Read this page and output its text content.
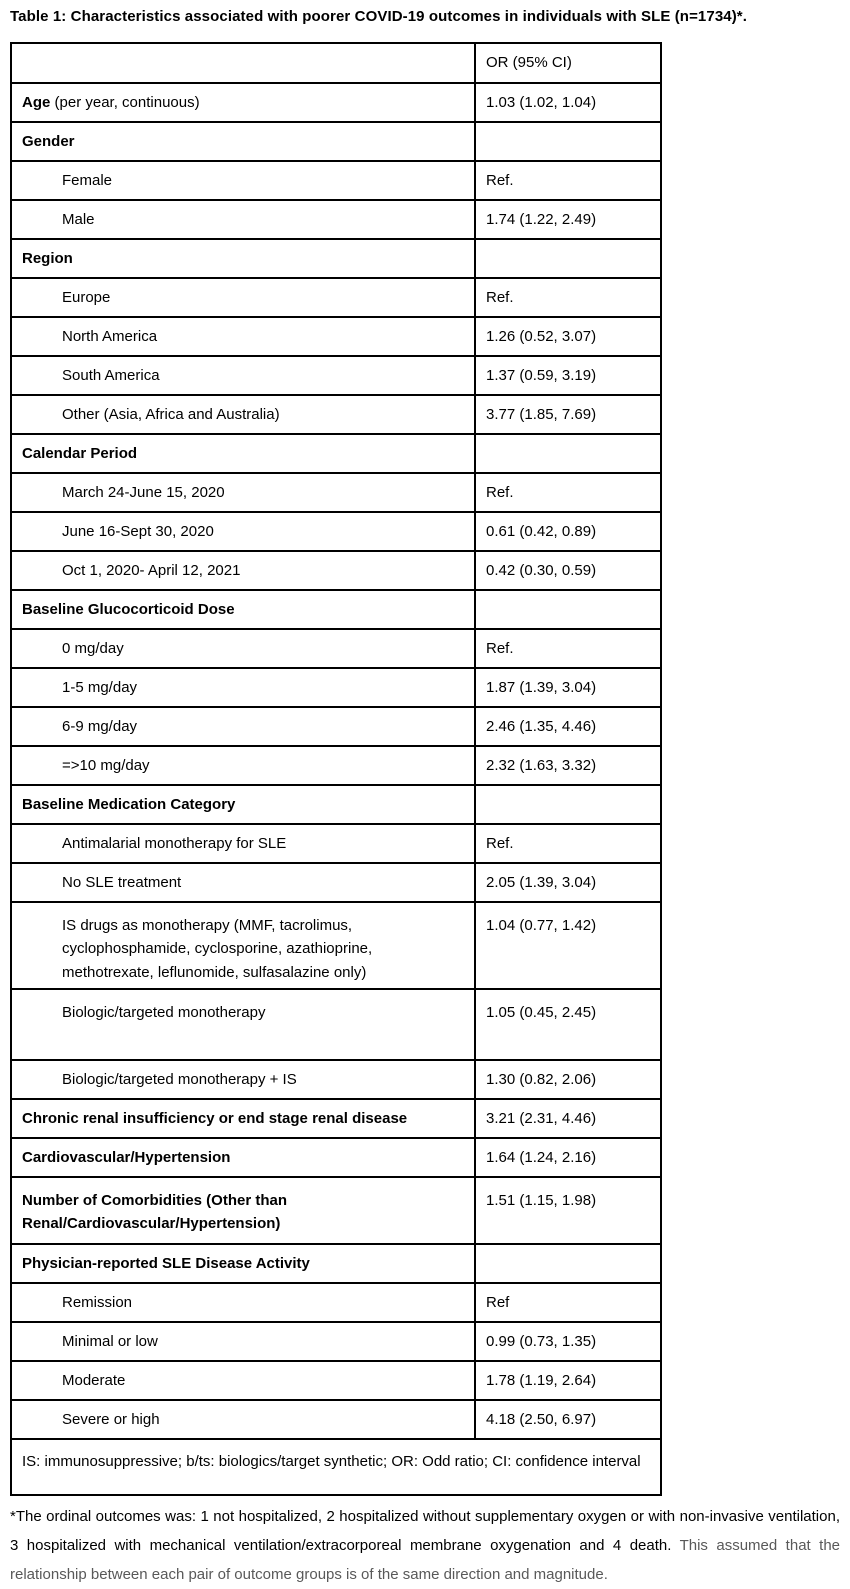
Table 1: Characteristics associated with poorer COVID-19 outcomes in individuals with SLE (n=1734)*.

	OR (95% CI)
Age (per year, continuous)	1.03 (1.02, 1.04)
Gender	
Female	Ref.
Male	1.74 (1.22, 2.49)
Region	
Europe	Ref.
North America	1.26 (0.52, 3.07)
South America	1.37 (0.59, 3.19)
Other (Asia, Africa and Australia)	3.77 (1.85, 7.69)
Calendar Period	
March 24-June 15, 2020	Ref.
June 16-Sept 30, 2020	0.61 (0.42, 0.89)
Oct 1, 2020- April 12, 2021	0.42 (0.30, 0.59)
Baseline Glucocorticoid Dose	
0 mg/day	Ref.
1-5 mg/day	1.87 (1.39, 3.04)
6-9 mg/day	2.46 (1.35, 4.46)
=>10 mg/day	2.32 (1.63, 3.32)
Baseline Medication Category	
Antimalarial monotherapy for SLE	Ref.
No SLE treatment	2.05 (1.39, 3.04)
IS drugs as monotherapy (MMF, tacrolimus, cyclophosphamide, cyclosporine, azathioprine, methotrexate, leflunomide, sulfasalazine only)	1.04 (0.77, 1.42)
Biologic/targeted monotherapy	1.05 (0.45, 2.45)
Biologic/targeted monotherapy + IS	1.30 (0.82, 2.06)
Chronic renal insufficiency or end stage renal disease	3.21 (2.31, 4.46)
Cardiovascular/Hypertension	1.64 (1.24, 2.16)
Number of Comorbidities (Other than Renal/Cardiovascular/Hypertension)	1.51 (1.15, 1.98)
Physician-reported SLE Disease Activity	
Remission	Ref
Minimal or low	0.99 (0.73, 1.35)
Moderate	1.78 (1.19, 2.64)
Severe or high	4.18 (2.50, 6.97)
IS: immunosuppressive; b/ts: biologics/target synthetic; OR: Odd ratio; CI: confidence interval	

*The ordinal outcomes was: 1 not hospitalized, 2 hospitalized without supplementary oxygen or with non-invasive ventilation, 3 hospitalized with mechanical ventilation/extracorporeal membrane oxygenation and 4 death. This assumed that the relationship between each pair of outcome groups is of the same direction and magnitude.
